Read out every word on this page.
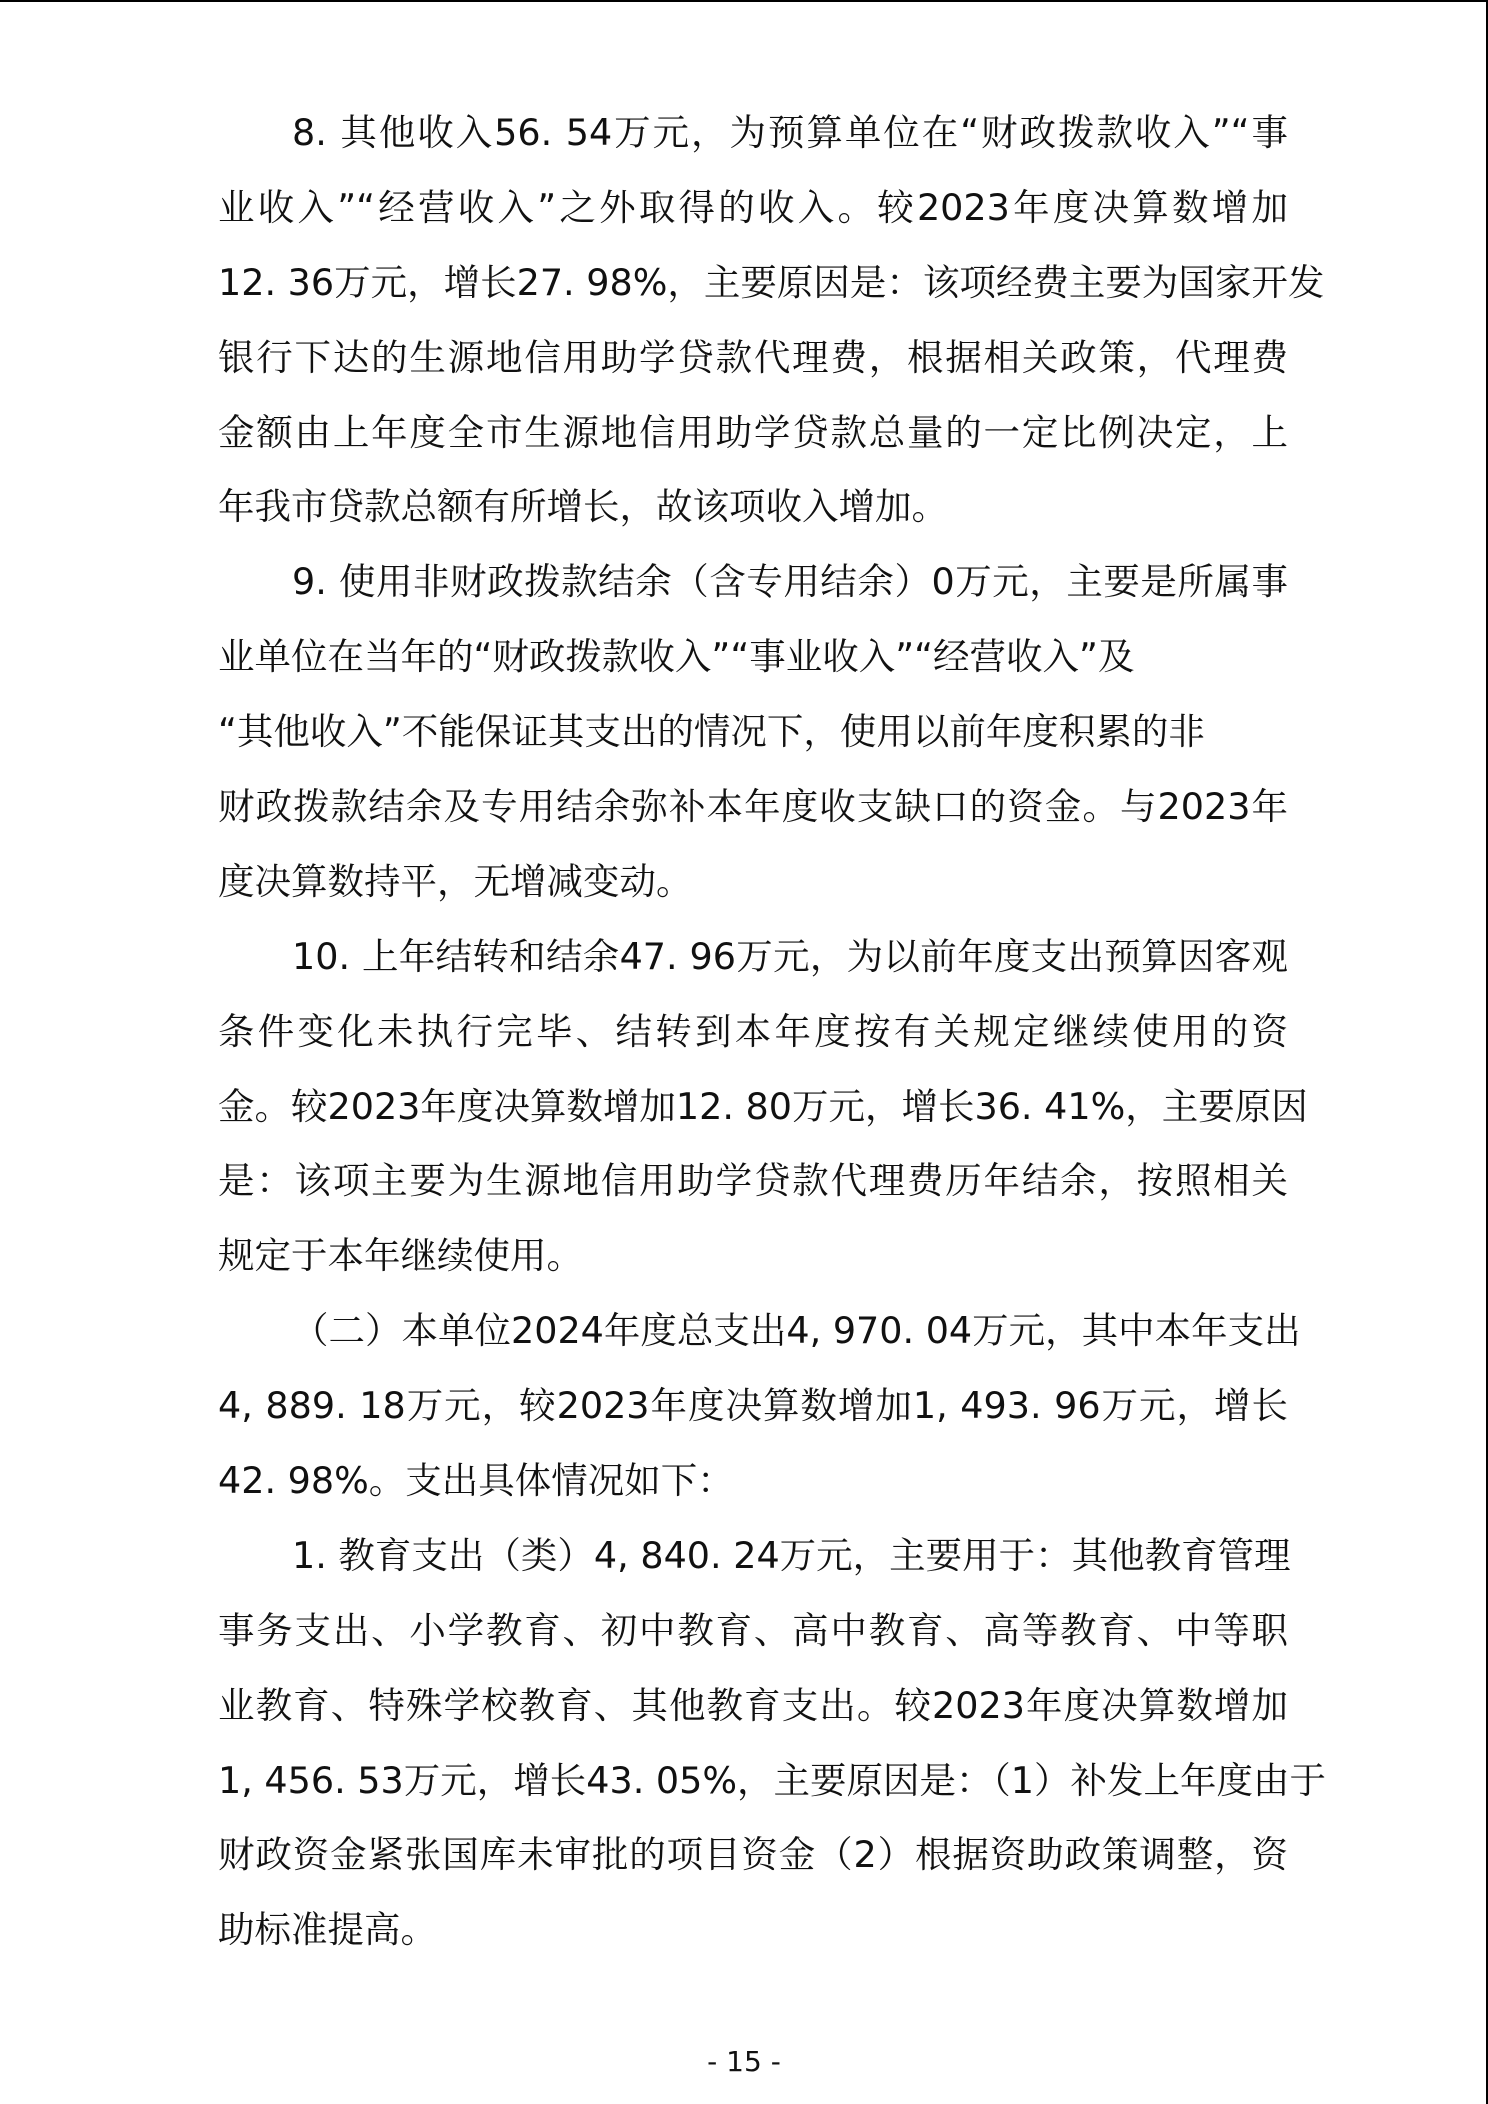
8. 其他收入56. 54万元，为预算单位在“财政拨款收入”“事
业收入”“经营收入”之外取得的收入。较2023年度决算数增加
12. 36万元，增长27. 98%，主要原因是：该项经费主要为国家开发
银行下达的生源地信用助学贷款代理费，根据相关政策，代理费
金额由上年度全市生源地信用助学贷款总量的一定比例决定，上
年我市贷款总额有所增长，故该项收入增加。
9. 使用非财政拨款结余（含专用结余）0万元，主要是所属事
业单位在当年的“财政拨款收入”“事业收入”“经营收入”及
“其他收入”不能保证其支出的情况下，使用以前年度积累的非
财政拨款结余及专用结余弥补本年度收支缺口的资金。与2023年
度决算数持平，无增减变动。
10. 上年结转和结余47. 96万元，为以前年度支出预算因客观
条件变化未执行完毕、结转到本年度按有关规定继续使用的资
金。较2023年度决算数增加12. 80万元，增长36. 41%，主要原因
是：该项主要为生源地信用助学贷款代理费历年结余，按照相关
规定于本年继续使用。
（二）本单位2024年度总支出4, 970. 04万元，其中本年支出
4, 889. 18万元，较2023年度决算数增加1, 493. 96万元，增长
42. 98%。支出具体情况如下：
1. 教育支出（类）4, 840. 24万元，主要用于：其他教育管理
事务支出、小学教育、初中教育、高中教育、高等教育、中等职
业教育、特殊学校教育、其他教育支出。较2023年度决算数增加
1, 456. 53万元，增长43. 05%，主要原因是：（1）补发上年度由于
财政资金紧张国库未审批的项目资金（2）根据资助政策调整，资
助标准提高。
- 15 -
